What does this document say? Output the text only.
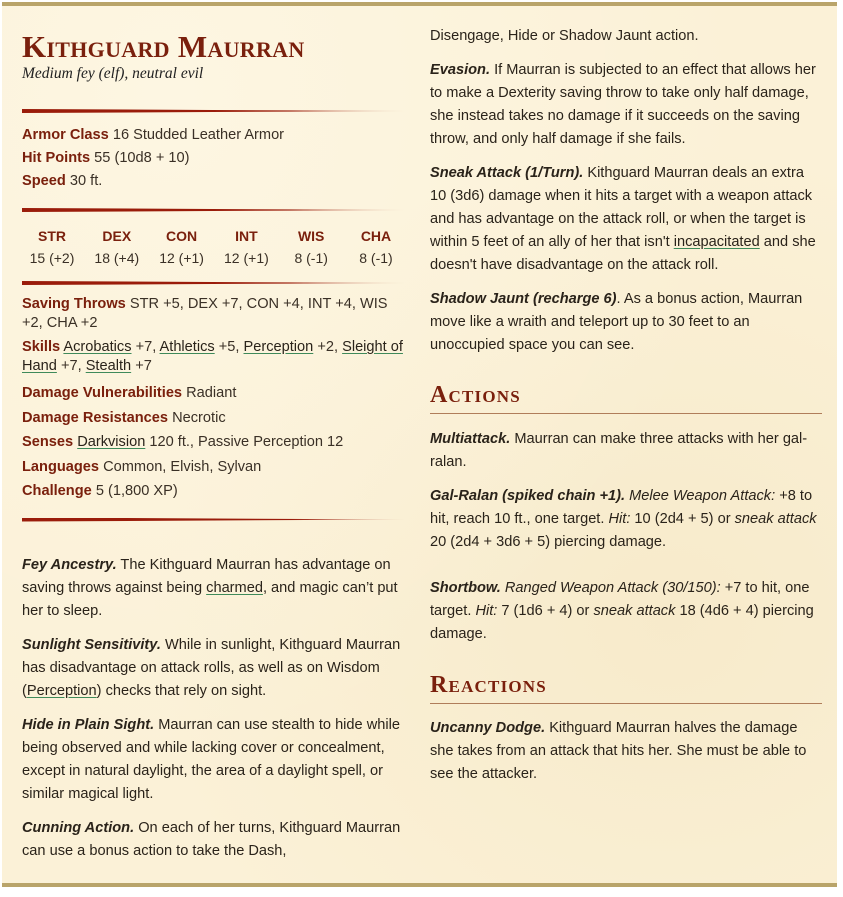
Kithguard Maurran

Medium fey (elf), neutral evil

Armor Class 16 Studded Leather Armor

Hit Points 55 (10d8 + 10)

Speed 30 ft.

STR
15 (+2)
DEX
18 (+4)
CON
12 (+1)
INT
12 (+1)
WIS
8 (-1)
CHA
8 (-1)

Saving Throws STR +5, DEX +7, CON +4, INT +4, WIS +2, CHA +2

Skills Acrobatics +7, Athletics +5, Perception +2, Sleight of Hand +7, Stealth +7

Damage Vulnerabilities Radiant

Damage Resistances Necrotic

Senses Darkvision 120 ft., Passive Perception 12

Languages Common, Elvish, Sylvan

Challenge 5 (1,800 XP)

Fey Ancestry. The Kithguard Maurran has advantage on saving throws against being charmed, and magic can’t put her to sleep.

Sunlight Sensitivity. While in sunlight, Kithguard Maurran has disadvantage on attack rolls, as well as on Wisdom (Perception) checks that rely on sight.

Hide in Plain Sight. Maurran can use stealth to hide while being observed and while lacking cover or concealment, except in natural daylight, the area of a daylight spell, or similar magical light.

Cunning Action. On each of her turns, Kithguard Maurran can use a bonus action to take the Dash,

Disengage, Hide or Shadow Jaunt action.

Evasion. If Maurran is subjected to an effect that allows her to make a Dexterity saving throw to take only half damage, she instead takes no damage if it succeeds on the saving throw, and only half damage if she fails.

Sneak Attack (1/Turn). Kithguard Maurran deals an extra 10 (3d6) damage when it hits a target with a weapon attack and has advantage on the attack roll, or when the target is within 5 feet of an ally of her that isn't incapacitated and she doesn't have disadvantage on the attack roll.

Shadow Jaunt (recharge 6). As a bonus action, Maurran move like a wraith and teleport up to 30 feet to an unoccupied space you can see.

Actions

Multiattack. Maurran can make three attacks with her gal-ralan.

Gal-Ralan (spiked chain +1). Melee Weapon Attack: +8 to hit, reach 10 ft., one target. Hit: 10 (2d4 + 5) or sneak attack 20 (2d4 + 3d6 + 5) piercing damage.

Shortbow. Ranged Weapon Attack (30/150): +7 to hit, one target. Hit: 7 (1d6 + 4) or sneak attack 18 (4d6 + 4) piercing damage.

Reactions

Uncanny Dodge. Kithguard Maurran halves the damage she takes from an attack that hits her. She must be able to see the attacker.
